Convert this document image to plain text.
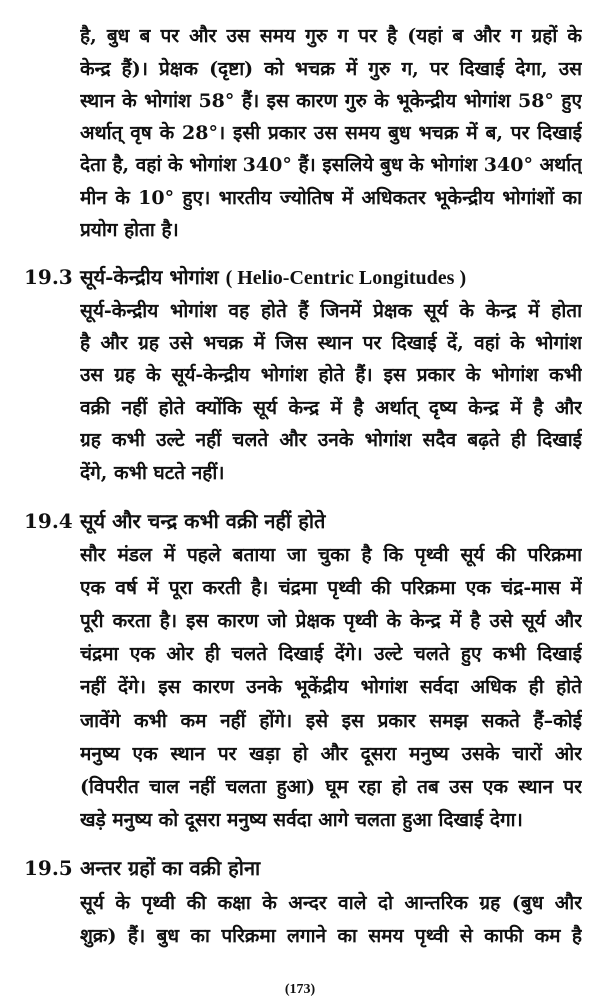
है, बुध ब पर और उस समय गुरु ग पर है (यहां ब और ग ग्रहों के
केन्द्र हैं)। प्रेक्षक (दृष्टा) को भचक्र में गुरु ग, पर दिखाई देगा, उस
स्थान के भोगांश 58° हैं। इस कारण गुरु के भूकेन्द्रीय भोगांश 58° हुए
अर्थात् वृष के 28°। इसी प्रकार उस समय बुध भचक्र में ब, पर दिखाई
देता है, वहां के भोगांश 340° हैं। इसलिये बुध के भोगांश 340° अर्थात्
मीन के 10° हुए। भारतीय ज्योतिष में अधिकतर भूकेन्द्रीय भोगांशों का
प्रयोग होता है।
19.3 सूर्य-केन्द्रीय भोगांश ( Helio-Centric Longitudes )
सूर्य-केन्द्रीय भोगांश वह होते हैं जिनमें प्रेक्षक सूर्य के केन्द्र में होता
है और ग्रह उसे भचक्र में जिस स्थान पर दिखाई दें, वहां के भोगांश
उस ग्रह के सूर्य-केन्द्रीय भोगांश होते हैं। इस प्रकार के भोगांश कभी
वक्री नहीं होते क्योंकि सूर्य केन्द्र में है अर्थात् दृष्य केन्द्र में है और
ग्रह कभी उल्टे नहीं चलते और उनके भोगांश सदैव बढ़ते ही दिखाई
देंगे, कभी घटते नहीं।
19.4 सूर्य और चन्द्र कभी वक्री नहीं होते
सौर मंडल में पहले बताया जा चुका है कि पृथ्वी सूर्य की परिक्रमा
एक वर्ष में पूरा करती है। चंद्रमा पृथ्वी की परिक्रमा एक चंद्र-मास में
पूरी करता है। इस कारण जो प्रेक्षक पृथ्वी के केन्द्र में है उसे सूर्य और
चंद्रमा एक ओर ही चलते दिखाई देंगे। उल्टे चलते हुए कभी दिखाई
नहीं देंगे। इस कारण उनके भूकेंद्रीय भोगांश सर्वदा अधिक ही होते
जावेंगे कभी कम नहीं होंगे। इसे इस प्रकार समझ सकते हैं–कोई
मनुष्य एक स्थान पर खड़ा हो और दूसरा मनुष्य उसके चारों ओर
(विपरीत चाल नहीं चलता हुआ) घूम रहा हो तब उस एक स्थान पर
खड़े मनुष्य को दूसरा मनुष्य सर्वदा आगे चलता हुआ दिखाई देगा।
19.5 अन्तर ग्रहों का वक्री होना
सूर्य के पृथ्वी की कक्षा के अन्दर वाले दो आन्तरिक ग्रह (बुध और
शुक्र) हैं। बुध का परिक्रमा लगाने का समय पृथ्वी से काफी कम है
(173)
